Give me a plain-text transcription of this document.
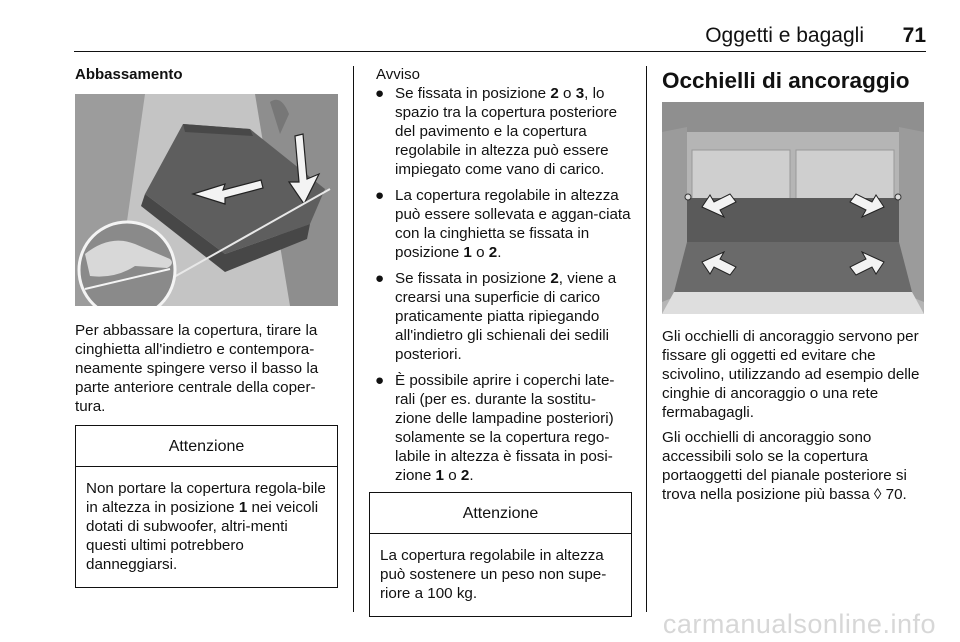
Oggetti e bagagli 71

Abbassamento

Per abbassare la copertura, tirare la cinghietta all'indietro e contempora-neamente spingere verso il basso la parte anteriore centrale della coper-tura.

Attenzione
Non portare la copertura regola-bile in altezza in posizione 1 nei veicoli dotati di subwoofer, altri-menti questi ultimi potrebbero danneggiarsi.

Avviso

● Se fissata in posizione 2 o 3, lo spazio tra la copertura posteriore del pavimento e la copertura regolabile in altezza può essere impiegato come vano di carico.
● La copertura regolabile in altezza può essere sollevata e aggan-ciata con la cinghietta se fissata in posizione 1 o 2.
● Se fissata in posizione 2, viene a crearsi una superficie di carico praticamente piatta ripiegando all'indietro gli schienali dei sedili posteriori.
● È possibile aprire i coperchi late-rali (per es. durante la sostitu-zione delle lampadine posteriori) solamente se la copertura rego-labile in altezza è fissata in posi-zione 1 o 2.
Attenzione
La copertura regolabile in altezza può sostenere un peso non supe-riore a 100 kg.

Occhielli di ancoraggio

Gli occhielli di ancoraggio servono per fissare gli oggetti ed evitare che scivolino, utilizzando ad esempio delle cinghie di ancoraggio o una rete fermabagagli.

Gli occhielli di ancoraggio sono accessibili solo se la copertura portaoggetti del pianale posteriore si trova nella posizione più bassa ◊ 70.

carmanualsonline.info
